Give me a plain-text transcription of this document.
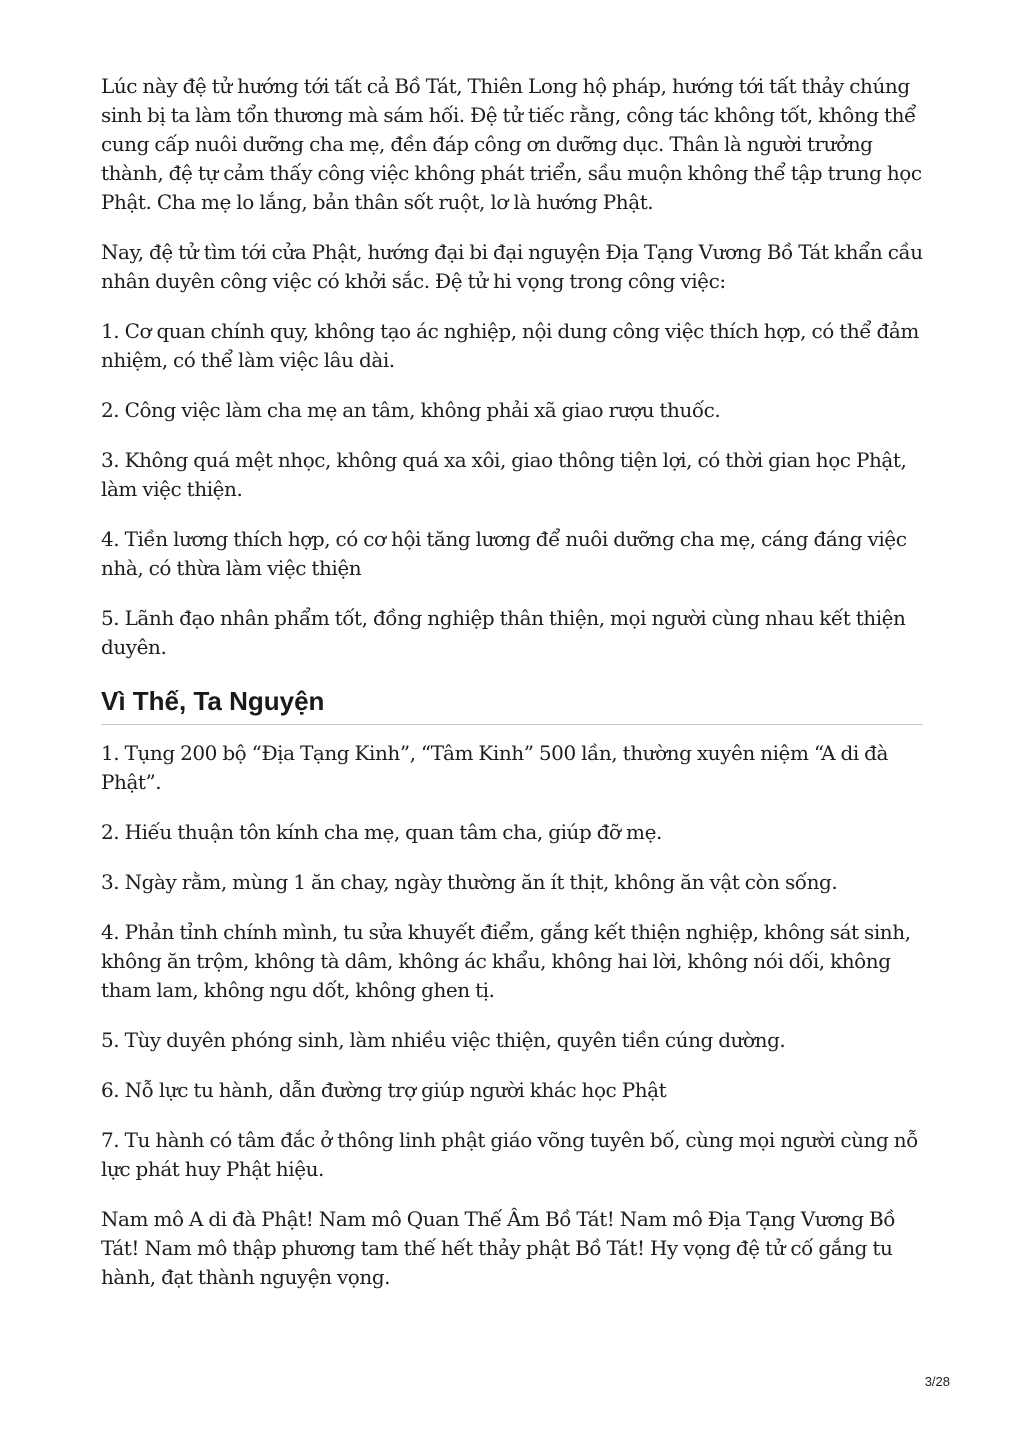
Lúc này đệ tử hướng tới tất cả Bồ Tát, Thiên Long hộ pháp, hướng tới tất thảy chúng sinh bị ta làm tổn thương mà sám hối. Đệ tử tiếc rằng, công tác không tốt, không thể cung cấp nuôi dưỡng cha mẹ, đền đáp công ơn dưỡng dục. Thân là người trưởng thành, đệ tự cảm thấy công việc không phát triển, sầu muộn không thể tập trung học Phật. Cha mẹ lo lắng, bản thân sốt ruột, lơ là hướng Phật.

Nay, đệ tử tìm tới cửa Phật, hướng đại bi đại nguyện Địa Tạng Vương Bồ Tát khẩn cầu nhân duyên công việc có khởi sắc. Đệ tử hi vọng trong công việc:

1. Cơ quan chính quy, không tạo ác nghiệp, nội dung công việc thích hợp, có thể đảm nhiệm, có thể làm việc lâu dài.

2. Công việc làm cha mẹ an tâm, không phải xã giao rượu thuốc.

3. Không quá mệt nhọc, không quá xa xôi, giao thông tiện lợi, có thời gian học Phật, làm việc thiện.

4. Tiền lương thích hợp, có cơ hội tăng lương để nuôi dưỡng cha mẹ, cáng đáng việc nhà, có thừa làm việc thiện

5. Lãnh đạo nhân phẩm tốt, đồng nghiệp thân thiện, mọi người cùng nhau kết thiện duyên.

Vì Thế, Ta Nguyện

1. Tụng 200 bộ “Địa Tạng Kinh”, “Tâm Kinh” 500 lần, thường xuyên niệm “A di đà Phật”.

2. Hiếu thuận tôn kính cha mẹ, quan tâm cha, giúp đỡ mẹ.

3. Ngày rằm, mùng 1 ăn chay, ngày thường ăn ít thịt, không ăn vật còn sống.

4. Phản tỉnh chính mình, tu sửa khuyết điểm, gắng kết thiện nghiệp, không sát sinh, không ăn trộm, không tà dâm, không ác khẩu, không hai lời, không nói dối, không tham lam, không ngu dốt, không ghen tị.

5. Tùy duyên phóng sinh, làm nhiều việc thiện, quyên tiền cúng dường.

6. Nỗ lực tu hành, dẫn đường trợ giúp người khác học Phật

7. Tu hành có tâm đắc ở thông linh phật giáo võng tuyên bố, cùng mọi người cùng nỗ lực phát huy Phật hiệu.

Nam mô A di đà Phật! Nam mô Quan Thế Âm Bồ Tát! Nam mô Địa Tạng Vương Bồ Tát! Nam mô thập phương tam thế hết thảy phật Bồ Tát! Hy vọng đệ tử cố gắng tu hành, đạt thành nguyện vọng.

3/28
